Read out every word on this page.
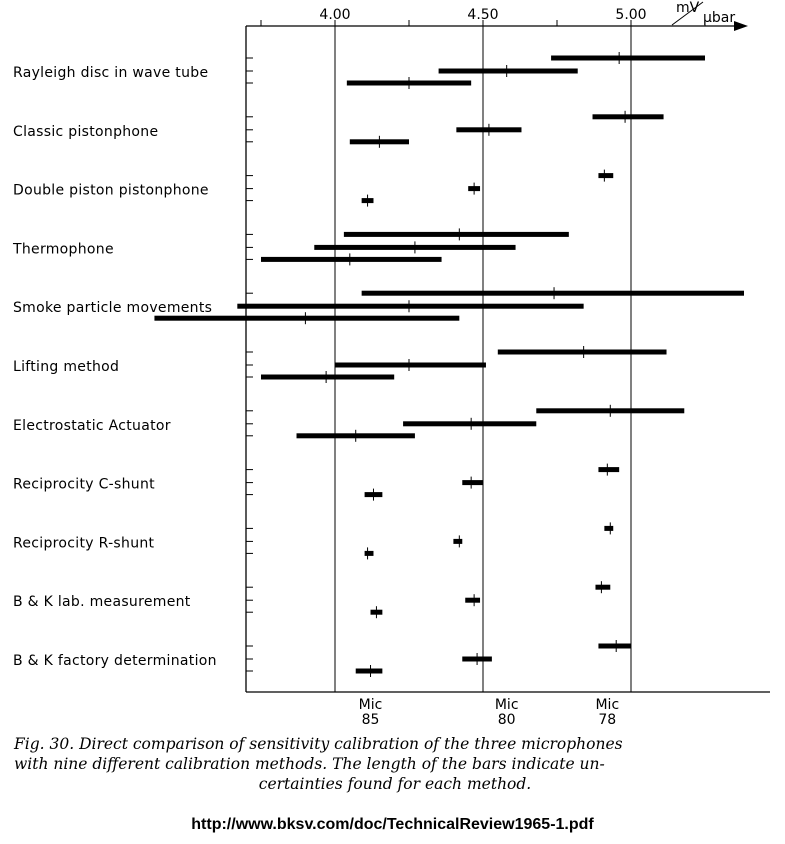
4.00	4.50	5.00 mV
µbar
Rayleigh disc in wave tube
Classic pistonphone
Double piston pistonphone
Thermophone
Smoke particle movements
Lifting method
Electrostatic Actuator
Reciprocity C-shunt
Reciprocity R-shunt
B & K lab. measurement
B & K factory determination
Mic
85
Mic
80
Mic
78

Fig. 30. Direct comparison of sensitivity calibration of the three microphones
with nine different calibration methods. The length of the bars indicate un-
certainties found for each method.

http://www.bksv.com/doc/TechnicalReview1965-1.pdf
